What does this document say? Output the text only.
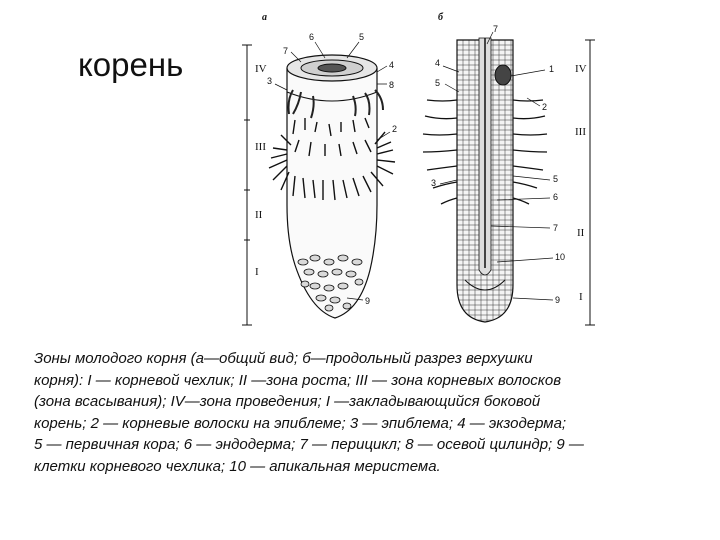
корень
а	б
IV
III
II
I
6	5
7
4
8
3
2
9
7
4
5
1
2
3	5
6
7
10
9
IV
III
II
I
Зоны молодого корня (а—общий вид; б—продольный разрез верхушки
корня): I — корневой чехлик; II —зона роста; III — зона корневых волосков
(зона всасывания); IV—зона проведения; I —закладывающийся боковой
корень; 2 — корневые волоски на эпиблеме; 3 — эпиблема; 4 — экзодерма;
5 — первичная кора; 6 — эндодерма; 7 — перицикл; 8 — осевой цилиндр; 9 —
клетки корневого чехлика; 10 — апикальная меристема.
